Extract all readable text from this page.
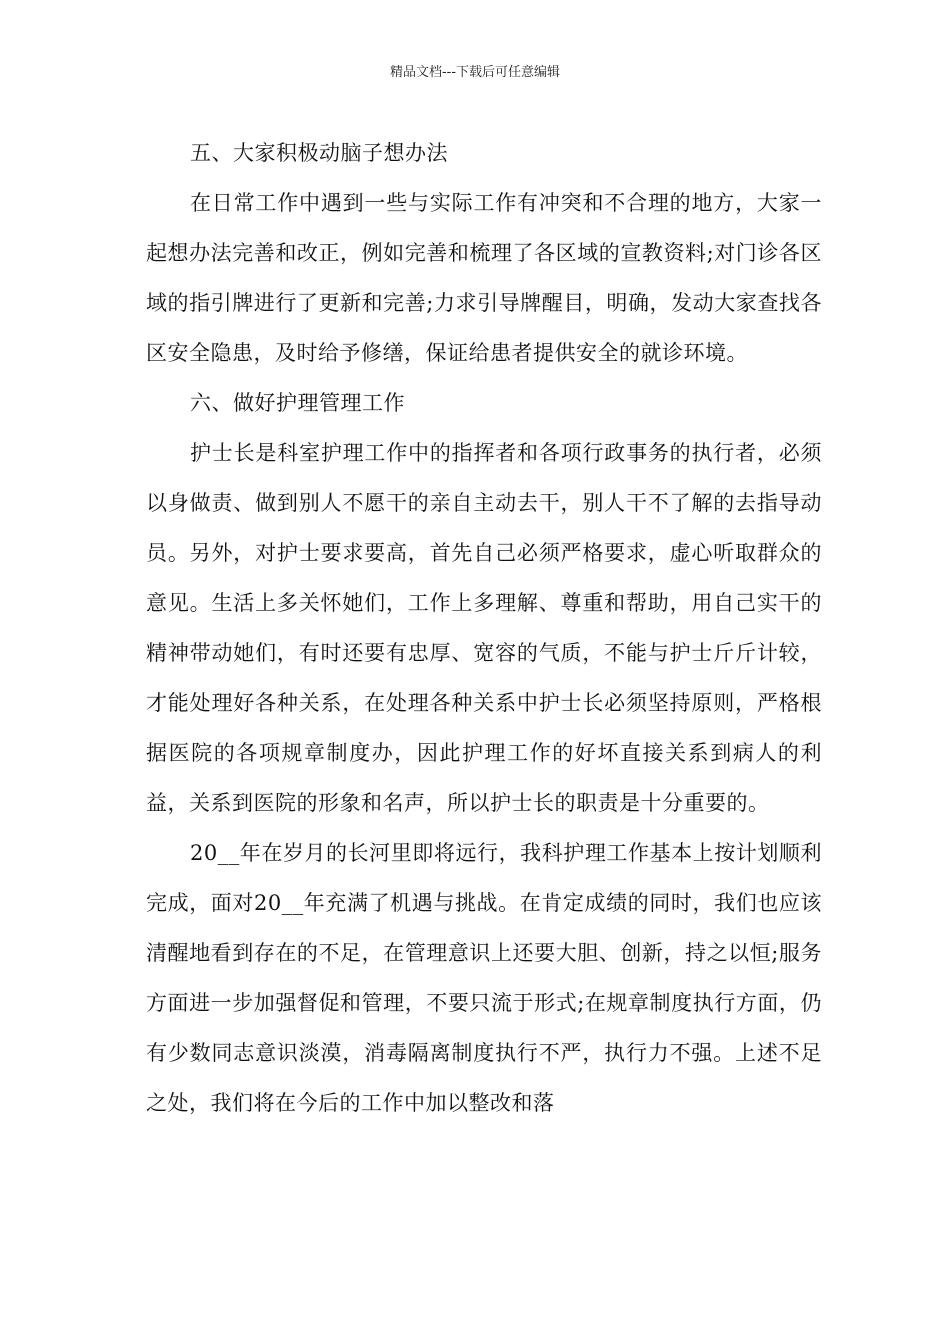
精品文档---下载后可任意编辑

五、大家积极动脑子想办法

在日常工作中遇到一些与实际工作有冲突和不合理的地方，大家一起想办法完善和改正，例如完善和梳理了各区域的宣教资料;对门诊各区域的指引牌进行了更新和完善;力求引导牌醒目，明确，发动大家查找各区安全隐患，及时给予修缮，保证给患者提供安全的就诊环境。

六、做好护理管理工作

护士长是科室护理工作中的指挥者和各项行政事务的执行者，必须以身做责、做到别人不愿干的亲自主动去干，别人干不了解的去指导动员。另外，对护士要求要高，首先自己必须严格要求，虚心听取群众的意见。生活上多关怀她们，工作上多理解、尊重和帮助，用自己实干的精神带动她们，有时还要有忠厚、宽容的气质，不能与护士斤斤计较，才能处理好各种关系，在处理各种关系中护士长必须坚持原则，严格根据医院的各项规章制度办，因此护理工作的好坏直接关系到病人的利益，关系到医院的形象和名声，所以护士长的职责是十分重要的。

20__年在岁月的长河里即将远行，我科护理工作基本上按计划顺利完成，面对20__年充满了机遇与挑战。在肯定成绩的同时，我们也应该清醒地看到存在的不足，在管理意识上还要大胆、创新，持之以恒;服务方面进一步加强督促和管理，不要只流于形式;在规章制度执行方面，仍有少数同志意识淡漠，消毒隔离制度执行不严，执行力不强。上述不足之处，我们将在今后的工作中加以整改和落
